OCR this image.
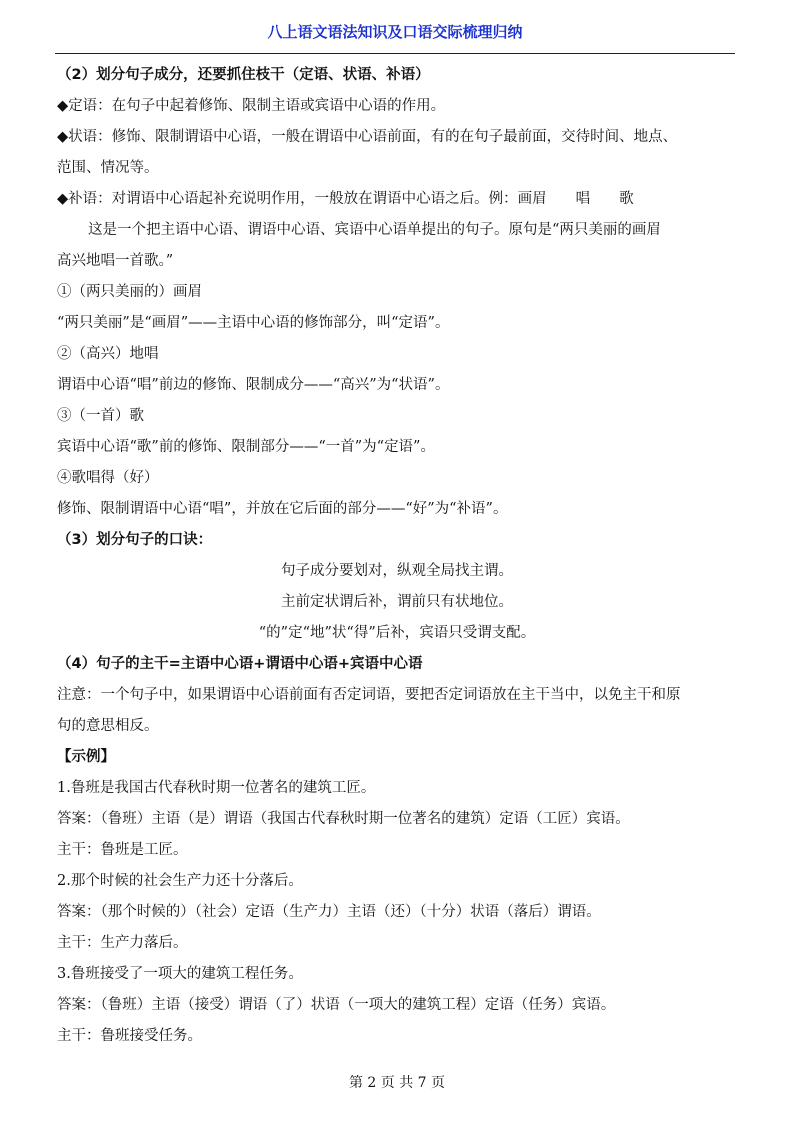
八上语文语法知识及口语交际梳理归纳
（2）划分句子成分，还要抓住枝干（定语、状语、补语）
◆定语：在句子中起着修饰、限制主语或宾语中心语的作用。
◆状语：修饰、限制谓语中心语，一般在谓语中心语前面，有的在句子最前面，交待时间、地点、
范围、情况等。
◆补语：对谓语中心语起补充说明作用，一般放在谓语中心语之后。例：画眉　　唱　　歌
这是一个把主语中心语、谓语中心语、宾语中心语单提出的句子。原句是“两只美丽的画眉
高兴地唱一首歌。”
①（两只美丽的）画眉
“两只美丽”是“画眉”——主语中心语的修饰部分，叫“定语”。
②（高兴）地唱
谓语中心语“唱”前边的修饰、限制成分——“高兴”为“状语”。
③（一首）歌
宾语中心语“歌”前的修饰、限制部分——“一首”为“定语”。
④歌唱得（好）
修饰、限制谓语中心语“唱”，并放在它后面的部分——“好”为“补语”。
（3）划分句子的口诀：
句子成分要划对，纵观全局找主谓。
主前定状谓后补，谓前只有状地位。
“的”定“地”状“得”后补，宾语只受谓支配。
（4）句子的主干=主语中心语+谓语中心语+宾语中心语
注意：一个句子中，如果谓语中心语前面有否定词语，要把否定词语放在主干当中，以免主干和原
句的意思相反。
【示例】
1.鲁班是我国古代春秋时期一位著名的建筑工匠。
答案：（鲁班）主语（是）谓语（我国古代春秋时期一位著名的建筑）定语（工匠）宾语。
主干：鲁班是工匠。
2.那个时候的社会生产力还十分落后。
答案：（那个时候的）（社会）定语（生产力）主语（还）（十分）状语（落后）谓语。
主干：生产力落后。
3.鲁班接受了一项大的建筑工程任务。
答案：（鲁班）主语（接受）谓语（了）状语（一项大的建筑工程）定语（任务）宾语。
主干：鲁班接受任务。
第 2 页 共 7 页
